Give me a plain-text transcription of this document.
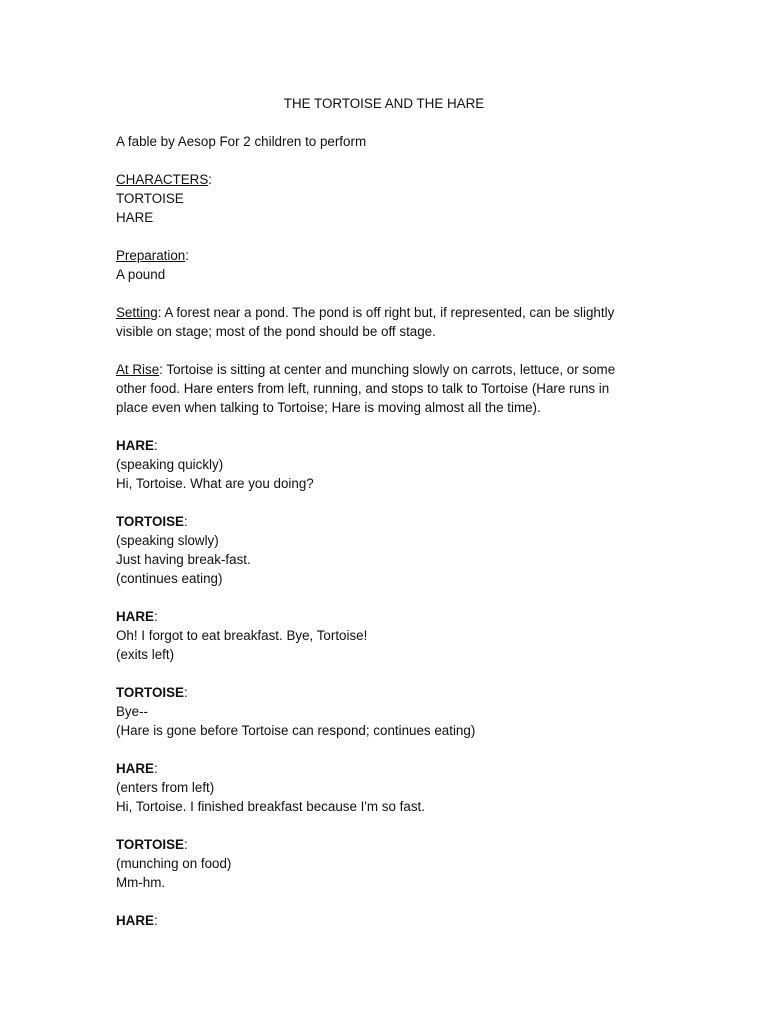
THE TORTOISE AND THE HARE
A fable by Aesop For 2 children to perform
CHARACTERS:
TORTOISE
HARE
Preparation:
A pound
Setting: A forest near a pond. The pond is off right but, if represented, can be slightly
visible on stage; most of the pond should be off stage.
At Rise: Tortoise is sitting at center and munching slowly on carrots, lettuce, or some
other food. Hare enters from left, running, and stops to talk to Tortoise (Hare runs in
place even when talking to Tortoise; Hare is moving almost all the time).
HARE:
(speaking quickly)
Hi, Tortoise. What are you doing?
TORTOISE:
(speaking slowly)
Just having break-fast.
(continues eating)
HARE:
Oh! I forgot to eat breakfast. Bye, Tortoise!
(exits left)
TORTOISE:
Bye--
(Hare is gone before Tortoise can respond; continues eating)
HARE:
(enters from left)
Hi, Tortoise. I finished breakfast because I'm so fast.
TORTOISE:
(munching on food)
Mm-hm.
HARE:
